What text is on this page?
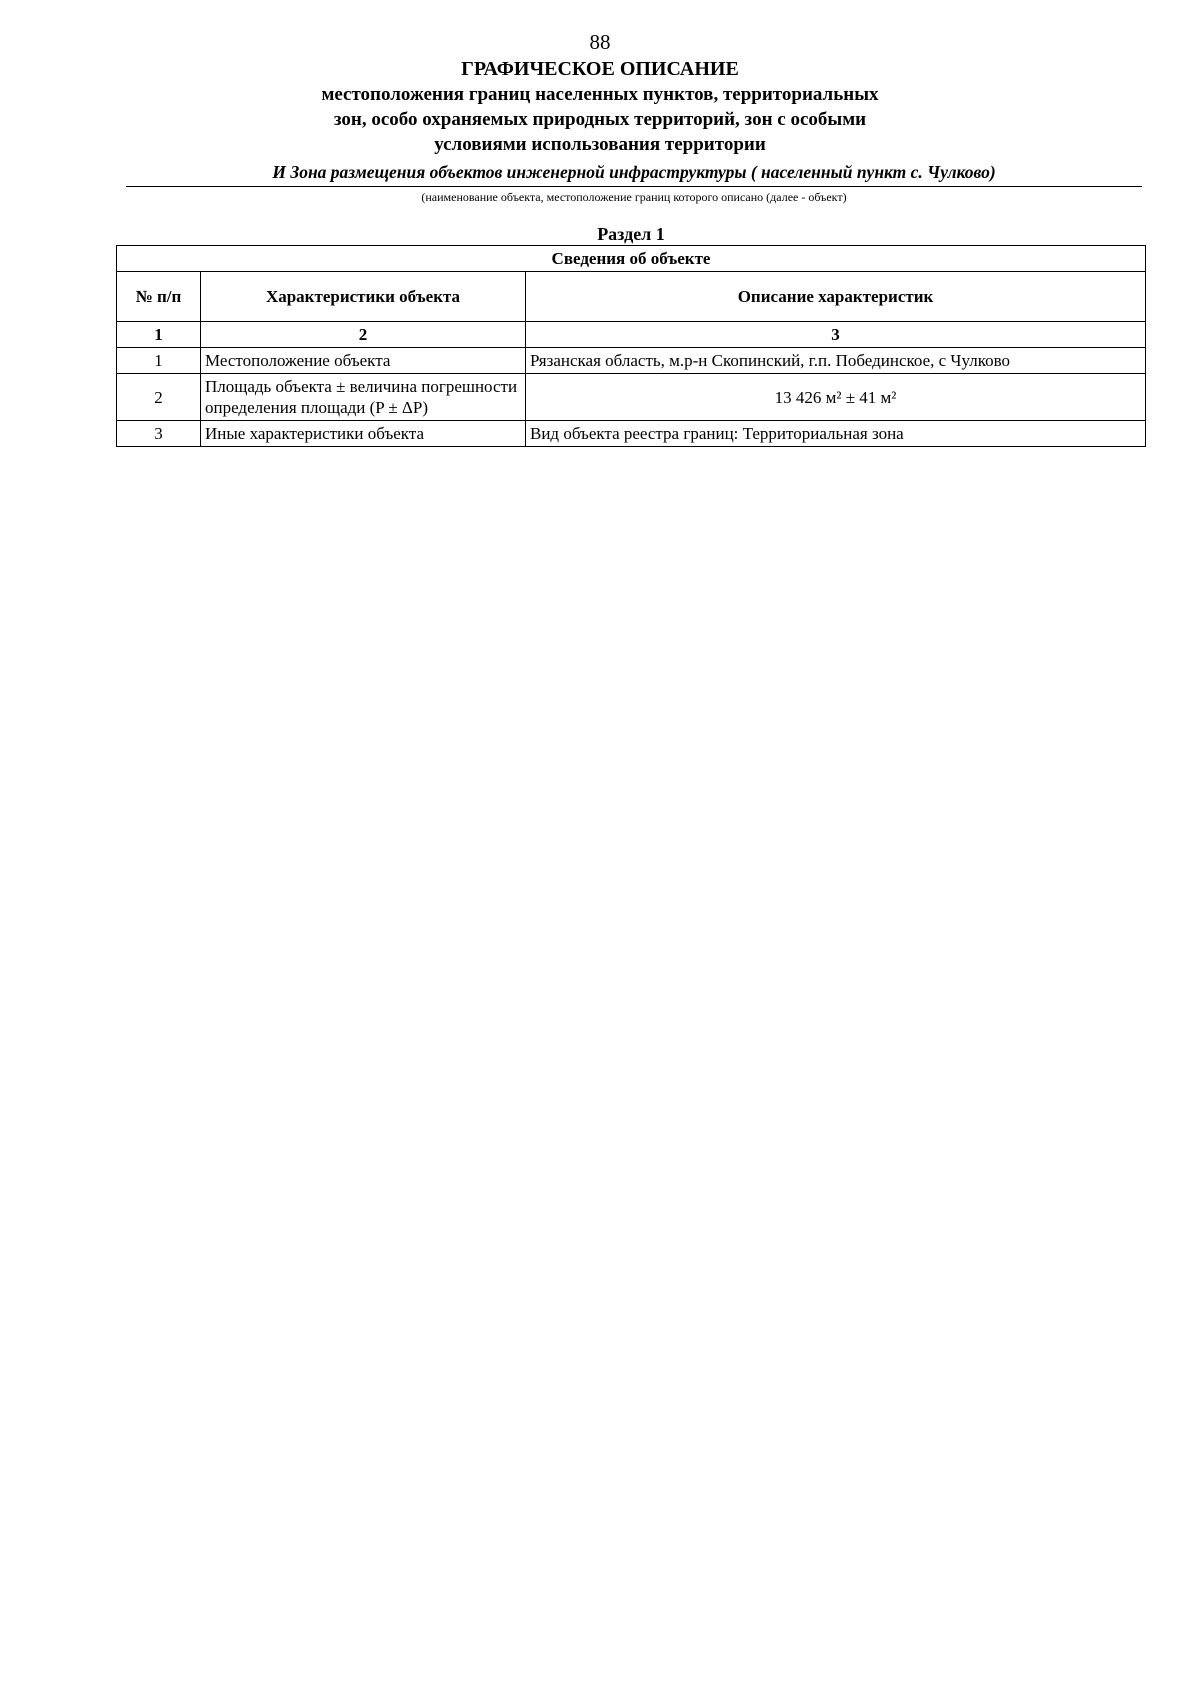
88
ГРАФИЧЕСКОЕ ОПИСАНИЕ
местоположения границ населенных пунктов, территориальных
зон, особо охраняемых природных территорий, зон с особыми
условиями использования территории
И Зона размещения объектов инженерной инфраструктуры ( населенный пункт с. Чулково)
(наименование объекта, местоположение границ которого описано (далее - объект)
Раздел 1
Сведения об объекте		
№ п/п	Характеристики объекта	Описание характеристик
1	2	3
1	Местоположение объекта	Рязанская область, м.р-н Скопинский, г.п. Побединское, с Чулково
2	Площадь объекта ± величина погрешности определения площади (P ± ΔP)	13 426 м² ± 41 м²
3	Иные характеристики объекта	Вид объекта реестра границ: Территориальная зона
